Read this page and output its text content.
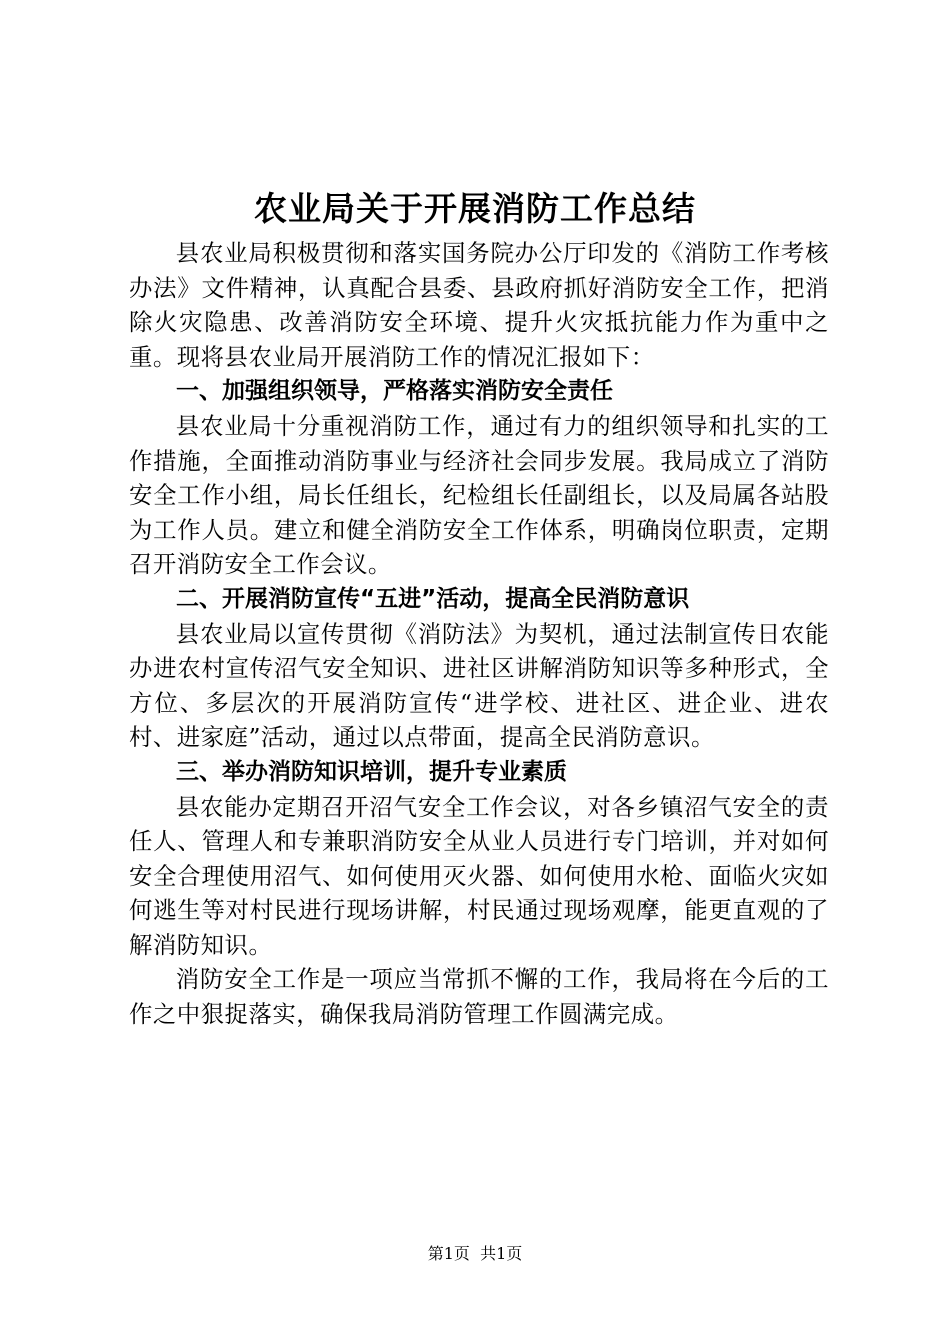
农业局关于开展消防工作总结

县农业局积极贯彻和落实国务院办公厅印发的《消防工作考核办法》文件精神，认真配合县委、县政府抓好消防安全工作，把消除火灾隐患、改善消防安全环境、提升火灾抵抗能力作为重中之重。现将县农业局开展消防工作的情况汇报如下：

一、加强组织领导，严格落实消防安全责任

县农业局十分重视消防工作，通过有力的组织领导和扎实的工作措施，全面推动消防事业与经济社会同步发展。我局成立了消防安全工作小组，局长任组长，纪检组长任副组长，以及局属各站股为工作人员。建立和健全消防安全工作体系，明确岗位职责，定期召开消防安全工作会议。

二、开展消防宣传“五进”活动，提高全民消防意识

县农业局以宣传贯彻《消防法》为契机，通过法制宣传日农能办进农村宣传沼气安全知识、进社区讲解消防知识等多种形式，全方位、多层次的开展消防宣传“进学校、进社区、进企业、进农村、进家庭”活动，通过以点带面，提高全民消防意识。

三、举办消防知识培训，提升专业素质

县农能办定期召开沼气安全工作会议，对各乡镇沼气安全的责任人、管理人和专兼职消防安全从业人员进行专门培训，并对如何安全合理使用沼气、如何使用灭火器、如何使用水枪、面临火灾如何逃生等对村民进行现场讲解，村民通过现场观摩，能更直观的了解消防知识。

消防安全工作是一项应当常抓不懈的工作，我局将在今后的工作之中狠捉落实，确保我局消防管理工作圆满完成。

第1页  共1页
